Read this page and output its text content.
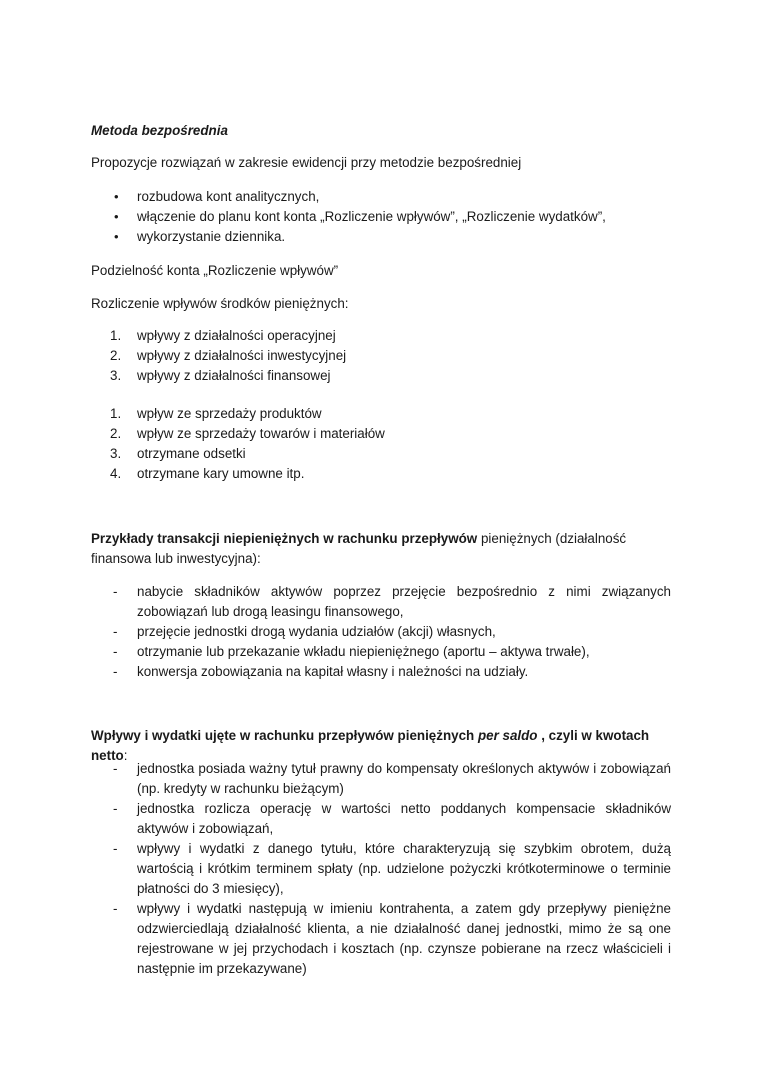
Metoda bezpośrednia

Propozycje rozwiązań w zakresie ewidencji przy metodzie bezpośredniej

• rozbudowa kont analitycznych,
• włączenie do planu kont konta „Rozliczenie wpływów”, „Rozliczenie wydatków”,
• wykorzystanie dziennika.

Podzielność konta „Rozliczenie wpływów”

Rozliczenie wpływów środków pieniężnych:

1.	wpływy z działalności operacyjnej
2.	wpływy z działalności inwestycyjnej
3.	wpływy z działalności finansowej
1.	wpływ ze sprzedaży produktów
2.	wpływ ze sprzedaży towarów i materiałów
3.	otrzymane odsetki
4.	otrzymane kary umowne itp.

Przykłady transakcji niepieniężnych w rachunku przepływów pieniężnych (działalność finansowa lub inwestycyjna):

- nabycie składników aktywów poprzez przejęcie bezpośrednio z nimi związanych zobowiązań lub drogą leasingu finansowego,
- przejęcie jednostki drogą wydania udziałów (akcji) własnych,
- otrzymanie lub przekazanie wkładu niepieniężnego (aportu – aktywa trwałe),
- konwersja zobowiązania na kapitał własny i należności na udziały.

Wpływy i wydatki ujęte w rachunku przepływów pieniężnych per saldo , czyli w kwotach netto:

- jednostka posiada ważny tytuł prawny do kompensaty określonych aktywów i zobowiązań (np. kredyty w rachunku bieżącym)
- jednostka rozlicza operację w wartości netto poddanych kompensacie składników aktywów i zobowiązań,
- wpływy i wydatki z danego tytułu, które charakteryzują się szybkim obrotem, dużą wartością i krótkim terminem spłaty (np. udzielone pożyczki krótkoterminowe o terminie płatności do 3 miesięcy),
- wpływy i wydatki następują w imieniu kontrahenta, a zatem gdy przepływy pieniężne odzwierciedlają działalność klienta, a nie działalność danej jednostki, mimo że są one rejestrowane w jej przychodach i kosztach (np. czynsze pobierane na rzecz właścicieli i następnie im przekazywane)
